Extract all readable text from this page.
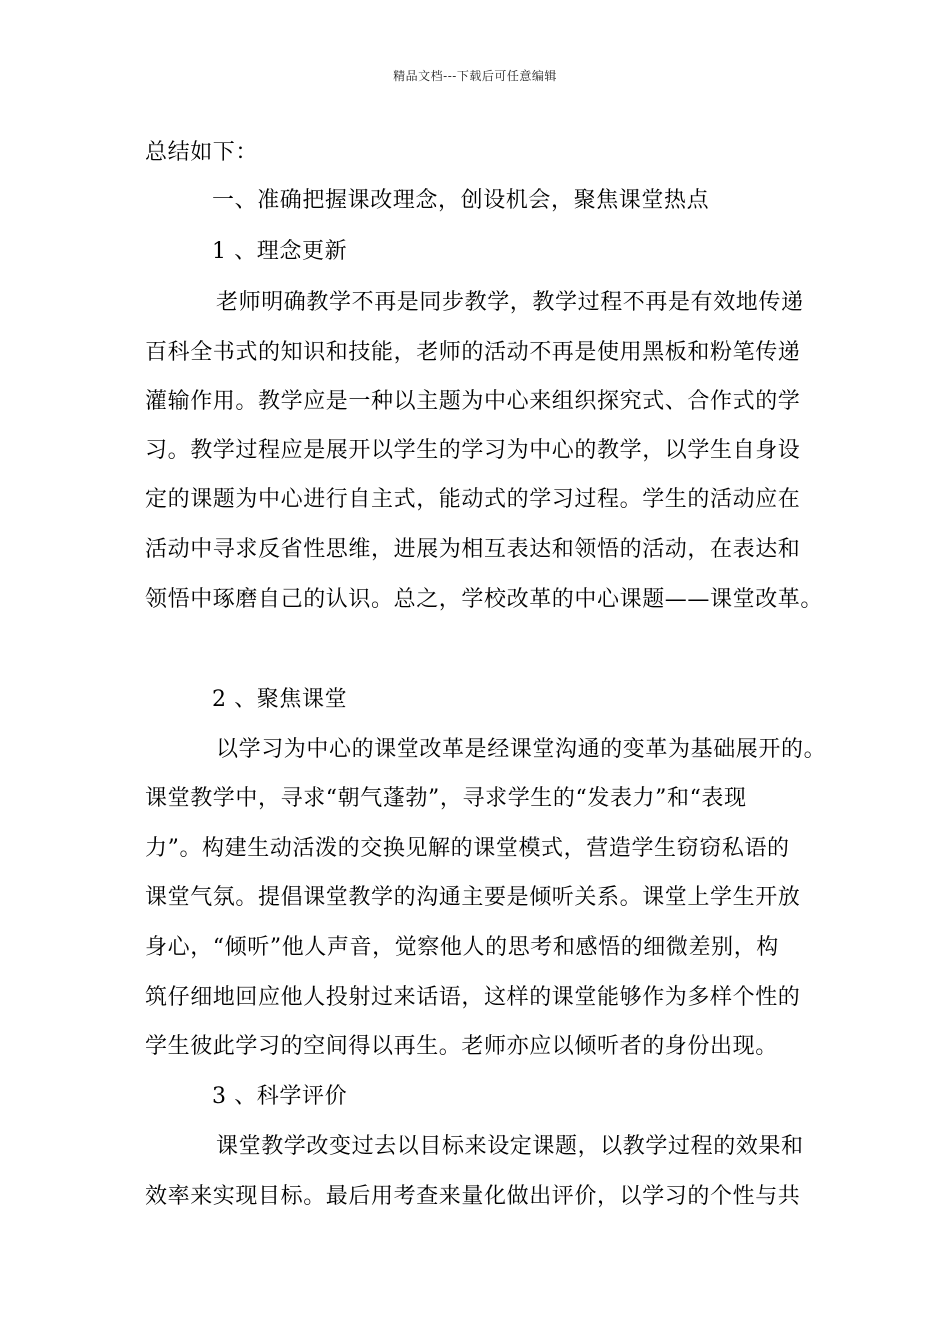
精品文档---下载后可任意编辑
总结如下：
一、准确把握课改理念，创设机会，聚焦课堂热点
1 、理念更新
老师明确教学不再是同步教学，教学过程不再是有效地传递
百科全书式的知识和技能，老师的活动不再是使用黑板和粉笔传递
灌输作用。教学应是一种以主题为中心来组织探究式、合作式的学
习。教学过程应是展开以学生的学习为中心的教学，以学生自身设
定的课题为中心进行自主式，能动式的学习过程。学生的活动应在
活动中寻求反省性思维，进展为相互表达和领悟的活动，在表达和
领悟中琢磨自己的认识。总之，学校改革的中心课题——课堂改革。
2 、聚焦课堂
以学习为中心的课堂改革是经课堂沟通的变革为基础展开的。
课堂教学中，寻求“朝气蓬勃”，寻求学生的“发表力”和“表现
力”。构建生动活泼的交换见解的课堂模式，营造学生窃窃私语的
课堂气氛。提倡课堂教学的沟通主要是倾听关系。课堂上学生开放
身心，“倾听”他人声音，觉察他人的思考和感悟的细微差别，构
筑仔细地回应他人投射过来话语，这样的课堂能够作为多样个性的
学生彼此学习的空间得以再生。老师亦应以倾听者的身份出现。
3 、科学评价
课堂教学改变过去以目标来设定课题，以教学过程的效果和
效率来实现目标。最后用考查来量化做出评价，以学习的个性与共
